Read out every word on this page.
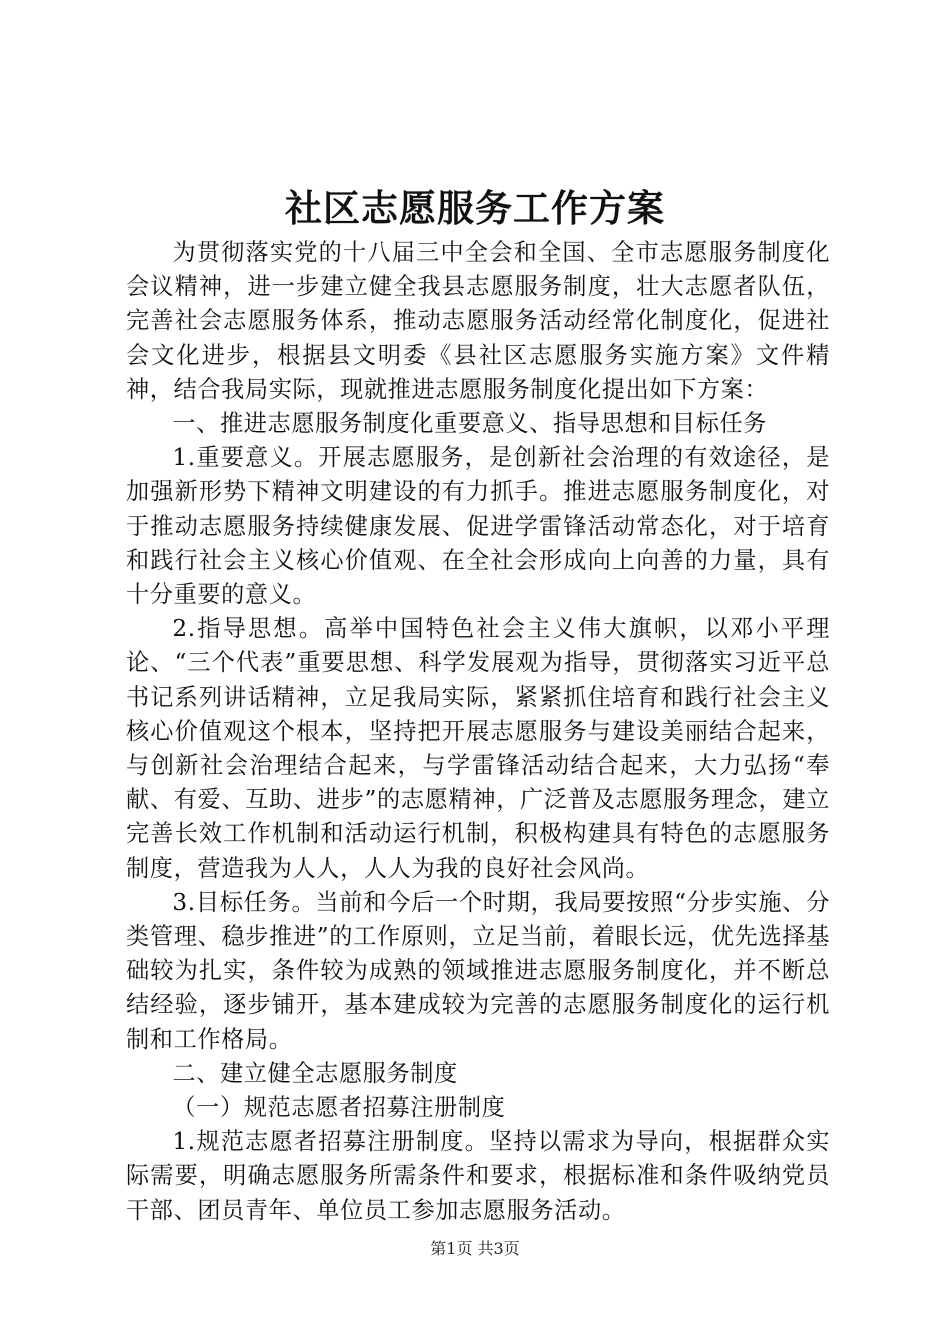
社区志愿服务工作方案

为贯彻落实党的十八届三中全会和全国、全市志愿服务制度化会议精神，进一步建立健全我县志愿服务制度，壮大志愿者队伍，完善社会志愿服务体系，推动志愿服务活动经常化制度化，促进社会文化进步，根据县文明委《县社区志愿服务实施方案》文件精神，结合我局实际，现就推进志愿服务制度化提出如下方案：

一、推进志愿服务制度化重要意义、指导思想和目标任务

1.重要意义。开展志愿服务，是创新社会治理的有效途径，是加强新形势下精神文明建设的有力抓手。推进志愿服务制度化，对于推动志愿服务持续健康发展、促进学雷锋活动常态化，对于培育和践行社会主义核心价值观、在全社会形成向上向善的力量，具有十分重要的意义。

2.指导思想。高举中国特色社会主义伟大旗帜，以邓小平理论、“三个代表”重要思想、科学发展观为指导，贯彻落实习近平总书记系列讲话精神，立足我局实际，紧紧抓住培育和践行社会主义核心价值观这个根本，坚持把开展志愿服务与建设美丽结合起来，与创新社会治理结合起来，与学雷锋活动结合起来，大力弘扬“奉献、有爱、互助、进步”的志愿精神，广泛普及志愿服务理念，建立完善长效工作机制和活动运行机制，积极构建具有特色的志愿服务制度，营造我为人人，人人为我的良好社会风尚。

3.目标任务。当前和今后一个时期，我局要按照“分步实施、分类管理、稳步推进”的工作原则，立足当前，着眼长远，优先选择基础较为扎实，条件较为成熟的领域推进志愿服务制度化，并不断总结经验，逐步铺开，基本建成较为完善的志愿服务制度化的运行机制和工作格局。

二、建立健全志愿服务制度

（一）规范志愿者招募注册制度

1.规范志愿者招募注册制度。坚持以需求为导向，根据群众实际需要，明确志愿服务所需条件和要求，根据标准和条件吸纳党员干部、团员青年、单位员工参加志愿服务活动。

第1页 共3页
